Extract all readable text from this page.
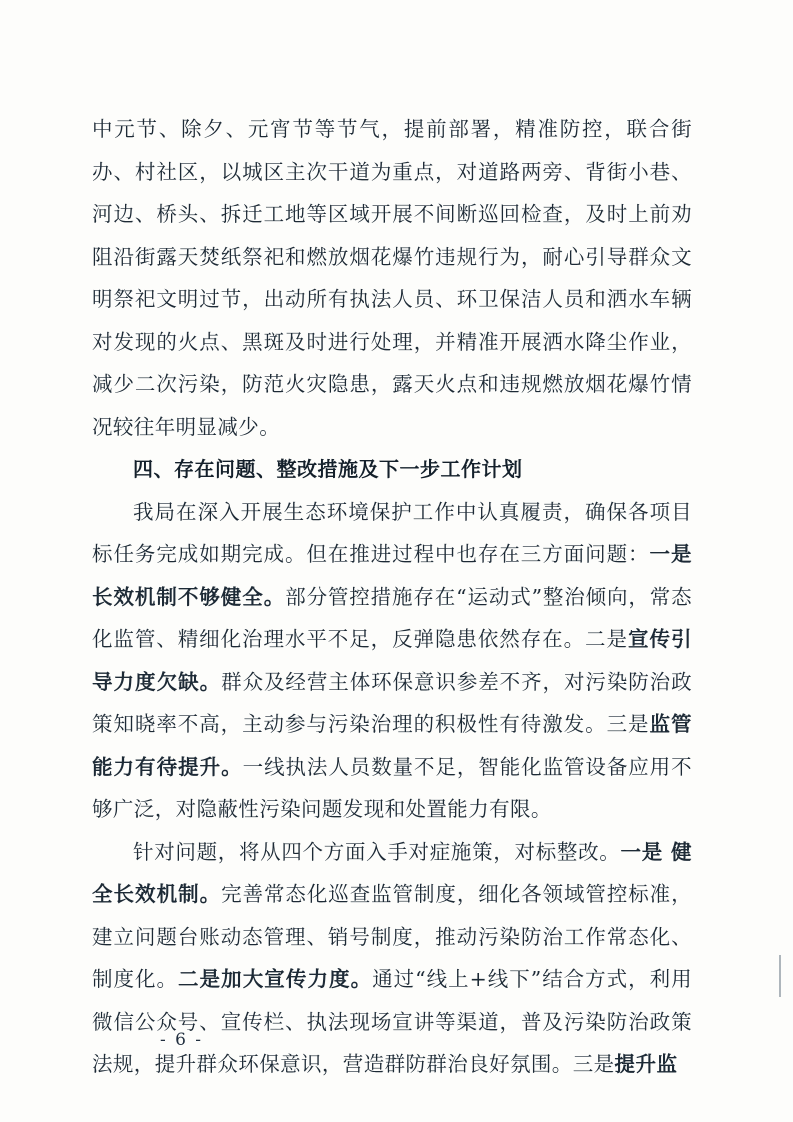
中元节、除夕、元宵节等节气，提前部署，精准防控，联合街办、村社区，以城区主次干道为重点，对道路两旁、背街小巷、河边、桥头、拆迁工地等区域开展不间断巡回检查，及时上前劝阻沿街露天焚纸祭祀和燃放烟花爆竹违规行为，耐心引导群众文明祭祀文明过节，出动所有执法人员、环卫保洁人员和洒水车辆对发现的火点、黑斑及时进行处理，并精准开展洒水降尘作业，减少二次污染，防范火灾隐患，露天火点和违规燃放烟花爆竹情况较往年明显减少。

四、存在问题、整改措施及下一步工作计划

我局在深入开展生态环境保护工作中认真履责，确保各项目标任务完成如期完成。但在推进过程中也存在三方面问题：一是 长效机制不够健全。部分管控措施存在“运动式”整治倾向，常态化监管、精细化治理水平不足，反弹隐患依然存在。二是宣传引导力度欠缺。群众及经营主体环保意识参差不齐，对污染防治政策知晓率不高，主动参与污染治理的积极性有待激发。三是监管能力有待提升。一线执法人员数量不足，智能化监管设备应用不够广泛，对隐蔽性污染问题发现和处置能力有限。

针对问题，将从四个方面入手对症施策，对标整改。一是 健全长效机制。完善常态化巡查监管制度，细化各领域管控标准，建立问题台账动态管理、销号制度，推动污染防治工作常态化、制度化。二是加大宣传力度。通过“线上+线下”结合方式，利用微信公众号、宣传栏、执法现场宣讲等渠道，普及污染防治政策法规，提升群众环保意识，营造群防群治良好氛围。三是提升监

- 6 -
